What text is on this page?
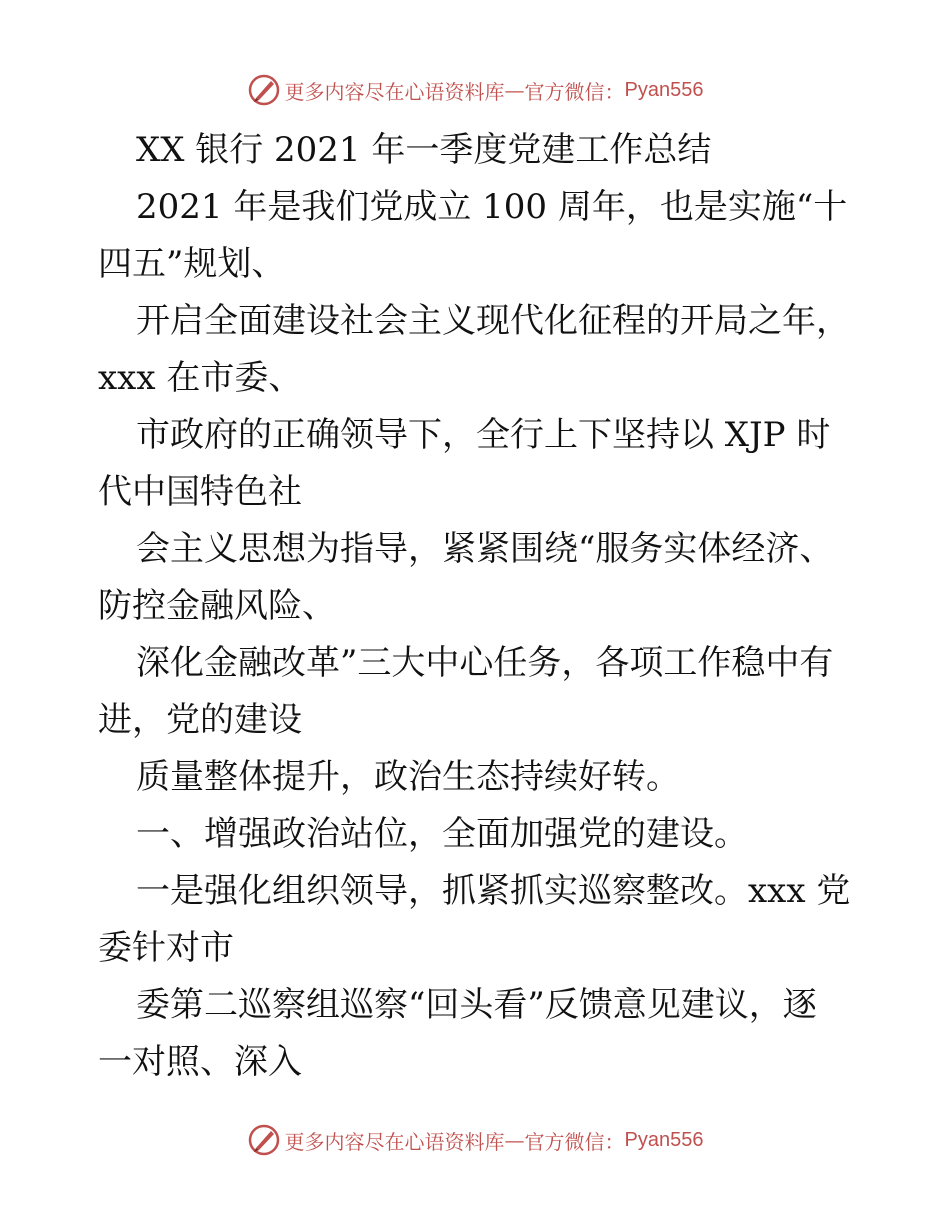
更多内容尽在心语资料库 — 官方微信： Pyan556
XX 银行 2021 年一季度党建工作总结
2021 年是我们党成立 100 周年，也是实施“十
四五”规划、
开启全面建设社会主义现代化征程的开局之年，
xxx 在市委、
市政府的正确领导下，全行上下坚持以 XJP 时
代中国特色社
会主义思想为指导，紧紧围绕“服务实体经济、
防控金融风险、
深化金融改革”三大中心任务，各项工作稳中有
进，党的建设
质量整体提升，政治生态持续好转。
一、增强政治站位，全面加强党的建设。
一是强化组织领导，抓紧抓实巡察整改。xxx 党
委针对市
委第二巡察组巡察“回头看”反馈意见建议，逐
一对照、深入
更多内容尽在心语资料库 — 官方微信： Pyan556
